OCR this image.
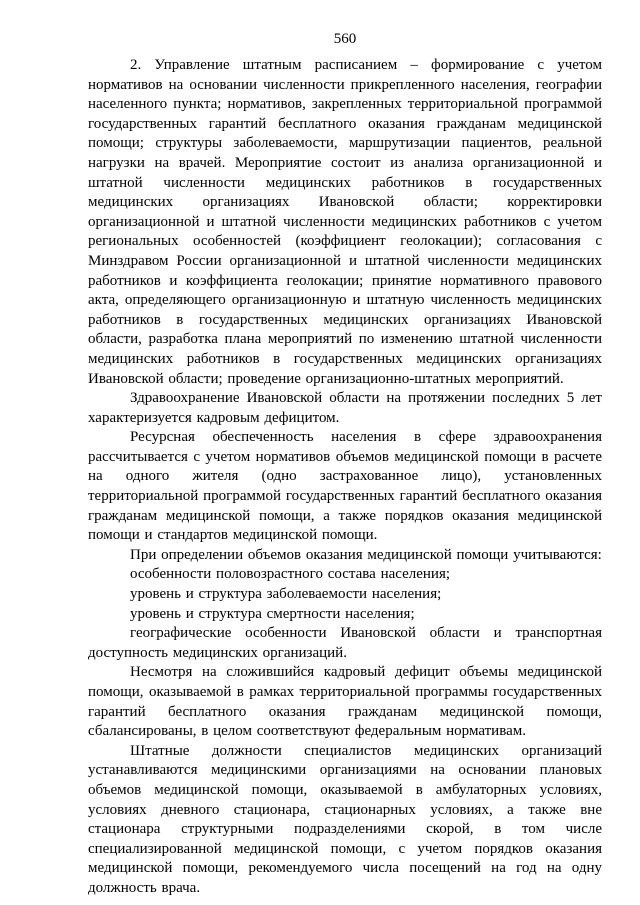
560

2. Управление штатным расписанием – формирование с учетом нормативов на основании численности прикрепленного населения, географии населенного пункта; нормативов, закрепленных территориальной программой государственных гарантий бесплатного оказания гражданам медицинской помощи; структуры заболеваемости, маршрутизации пациентов, реальной нагрузки на врачей. Мероприятие состоит из анализа организационной и штатной численности медицинских работников в государственных медицинских организациях Ивановской области; корректировки организационной и штатной численности медицинских работников с учетом региональных особенностей (коэффициент геолокации); согласования с Минздравом России организационной и штатной численности медицинских работников и коэффициента геолокации; принятие нормативного правового акта, определяющего организационную и штатную численность медицинских работников в государственных медицинских организациях Ивановской области, разработка плана мероприятий по изменению штатной численности медицинских работников в государственных медицинских организациях Ивановской области; проведение организационно-штатных мероприятий.

Здравоохранение Ивановской области на протяжении последних 5 лет характеризуется кадровым дефицитом.

Ресурсная обеспеченность населения в сфере здравоохранения рассчитывается с учетом нормативов объемов медицинской помощи в расчете на одного жителя (одно застрахованное лицо), установленных территориальной программой государственных гарантий бесплатного оказания гражданам медицинской помощи, а также порядков оказания медицинской помощи и стандартов медицинской помощи.

При определении объемов оказания медицинской помощи учитываются:

особенности половозрастного состава населения;

уровень и структура заболеваемости населения;

уровень и структура смертности населения;

географические особенности Ивановской области и транспортная доступность медицинских организаций.

Несмотря на сложившийся кадровый дефицит объемы медицинской помощи, оказываемой в рамках территориальной программы государственных гарантий бесплатного оказания гражданам медицинской помощи, сбалансированы, в целом соответствуют федеральным нормативам.

Штатные должности специалистов медицинских организаций устанавливаются медицинскими организациями на основании плановых объемов медицинской помощи, оказываемой в амбулаторных условиях, условиях дневного стационара, стационарных условиях, а также вне стационара структурными подразделениями скорой, в том числе специализированной медицинской помощи, с учетом порядков оказания медицинской помощи, рекомендуемого числа посещений на год на одну должность врача.
